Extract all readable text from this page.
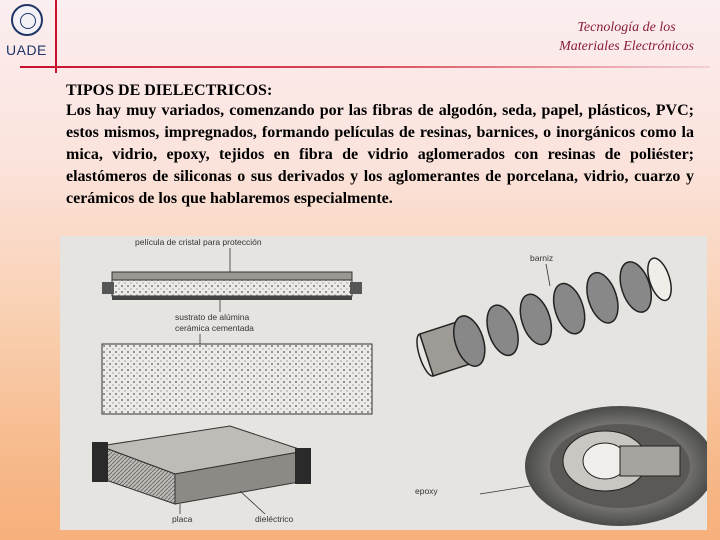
UADE
Tecnología de los
Materiales Electrónicos
TIPOS DE DIELECTRICOS:
Los hay muy variados, comenzando por las fibras de algodón, seda, papel, plásticos, PVC; estos mismos, impregnados, formando películas de resinas, barnices, o inorgánicos como la mica, vidrio, epoxy, tejidos en fibra de vidrio aglomerados con resinas de poliéster; elastómeros de siliconas o sus derivados y los aglomerantes de porcelana, vidrio, cuarzo y cerámicos de los que hablaremos especialmente.
película de cristal para protección
sustrato de alúmina
cerámica cementada
placa	dieléctrico
barniz
epoxy
